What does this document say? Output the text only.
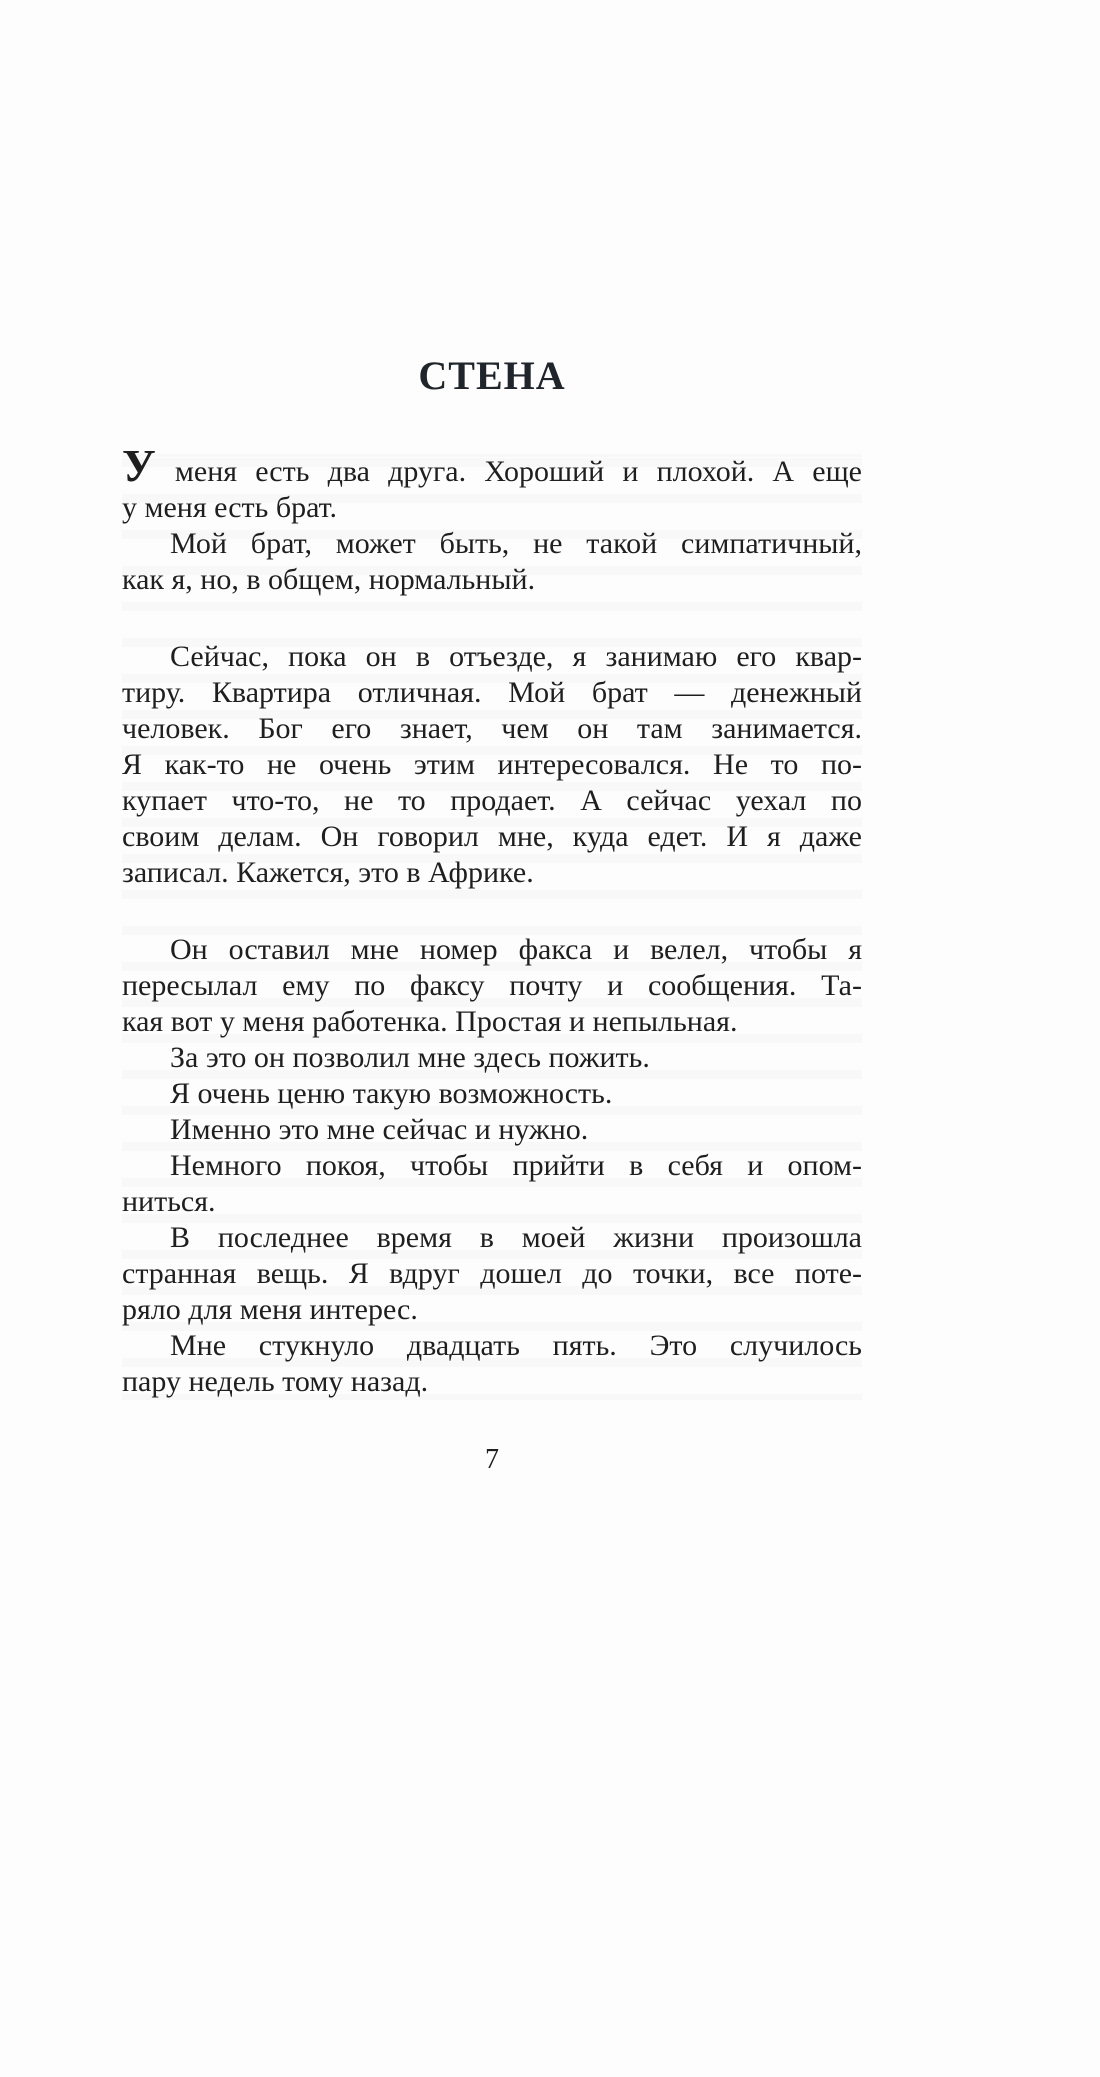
СТЕНА
У меня есть два друга. Хороший и плохой. А еще
у меня есть брат.
Мой брат, может быть, не такой симпатичный,
как я, но, в общем, нормальный.
Сейчас, пока он в отъезде, я занимаю его квар-
тиру. Квартира отличная. Мой брат — денежный
человек. Бог его знает, чем он там занимается.
Я как-то не очень этим интересовался. Не то по-
купает что-то, не то продает. А сейчас уехал по
своим делам. Он говорил мне, куда едет. И я даже
записал. Кажется, это в Африке.
Он оставил мне номер факса и велел, чтобы я
пересылал ему по факсу почту и сообщения. Та-
кая вот у меня работенка. Простая и непыльная.
За это он позволил мне здесь пожить.
Я очень ценю такую возможность.
Именно это мне сейчас и нужно.
Немного покоя, чтобы прийти в себя и опом-
ниться.
В последнее время в моей жизни произошла
странная вещь. Я вдруг дошел до точки, все поте-
ряло для меня интерес.
Мне стукнуло двадцать пять. Это случилось
пару недель тому назад.
7
